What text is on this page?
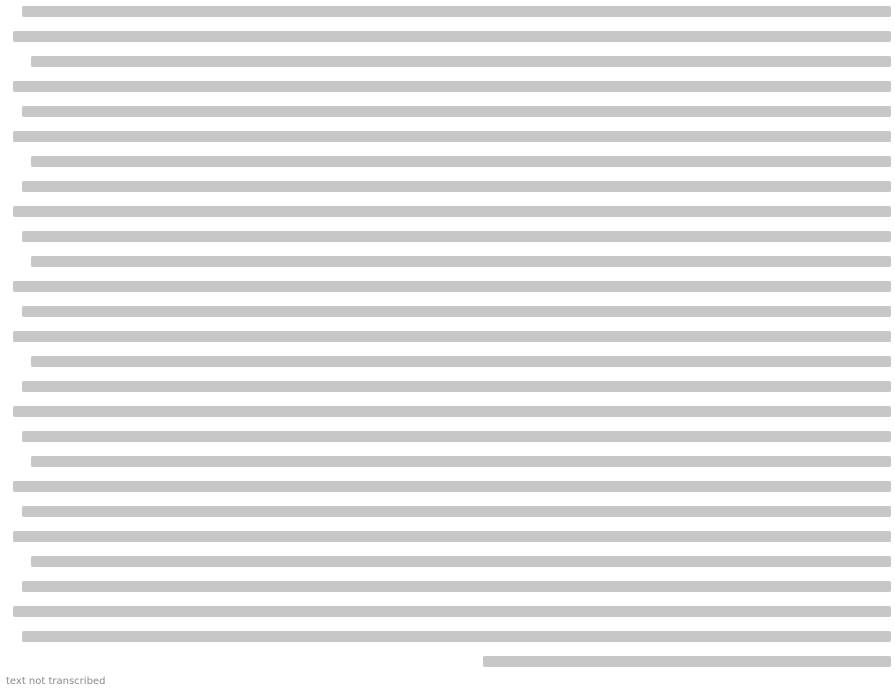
text not transcribed
